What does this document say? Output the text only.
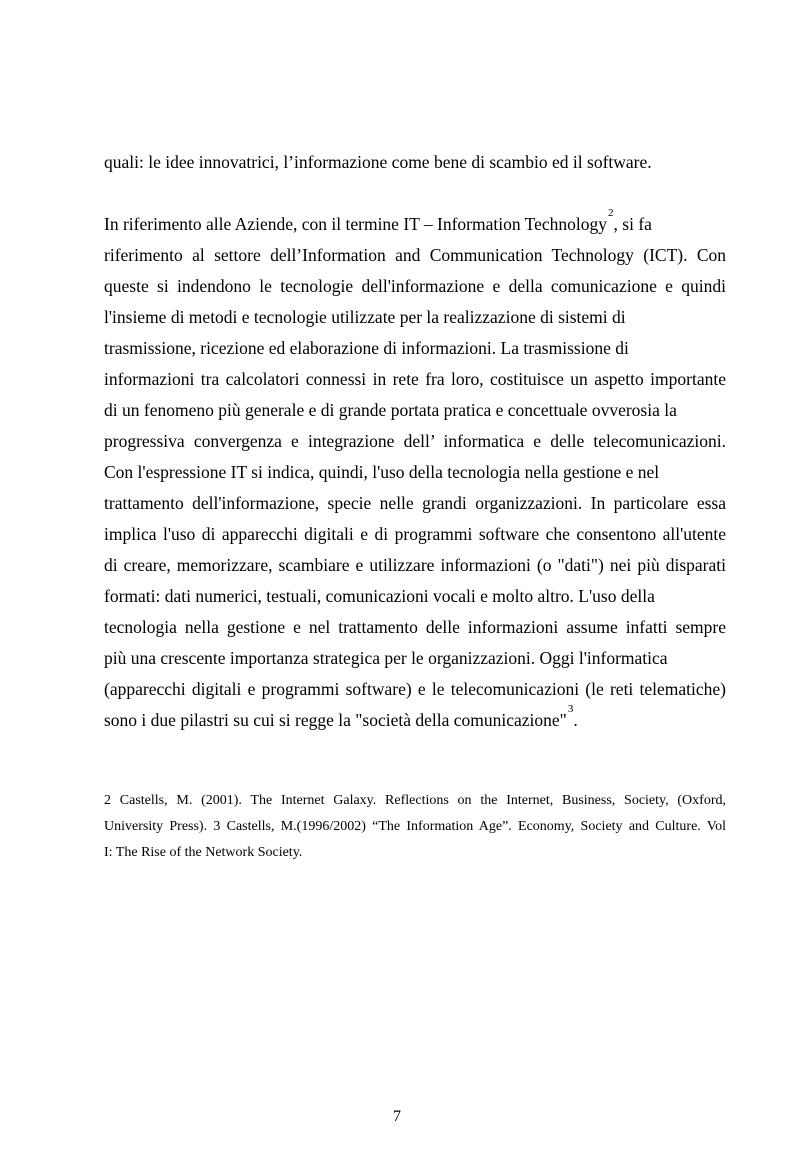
quali: le idee innovatrici, l’informazione come bene di scambio ed il software.
In riferimento alle Aziende, con il termine IT – Information Technology$^2$, si fa
riferimento al settore dell’Information and Communication Technology (ICT). Con
queste si indendono le tecnologie dell'informazione e della comunicazione e quindi
l'insieme di metodi e tecnologie utilizzate per la realizzazione di sistemi di
trasmissione, ricezione ed elaborazione di informazioni. La trasmissione di
informazioni tra calcolatori connessi in rete fra loro, costituisce un aspetto importante
di un fenomeno più generale e di grande portata pratica e concettuale ovverosia la
progressiva convergenza e integrazione dell’ informatica e delle telecomunicazioni.
Con l'espressione IT si indica, quindi, l'uso della tecnologia nella gestione e nel
trattamento dell'informazione, specie nelle grandi organizzazioni. In particolare essa
implica l'uso di apparecchi digitali e di programmi software che consentono all'utente
di creare, memorizzare, scambiare e utilizzare informazioni (o "dati") nei più disparati
formati: dati numerici, testuali, comunicazioni vocali e molto altro. L'uso della
tecnologia nella gestione e nel trattamento delle informazioni assume infatti sempre
più una crescente importanza strategica per le organizzazioni. Oggi l'informatica
(apparecchi digitali e programmi software) e le telecomunicazioni (le reti telematiche)
sono i due pilastri su cui si regge la "società della comunicazione"$^3$.
2 Castells, M. (2001). The Internet Galaxy. Reflections on the Internet, Business, Society, (Oxford,
University Press). 3 Castells, M.(1996/2002) “The Information Age”. Economy, Society and Culture. Vol
I: The Rise of the Network Society.
7
